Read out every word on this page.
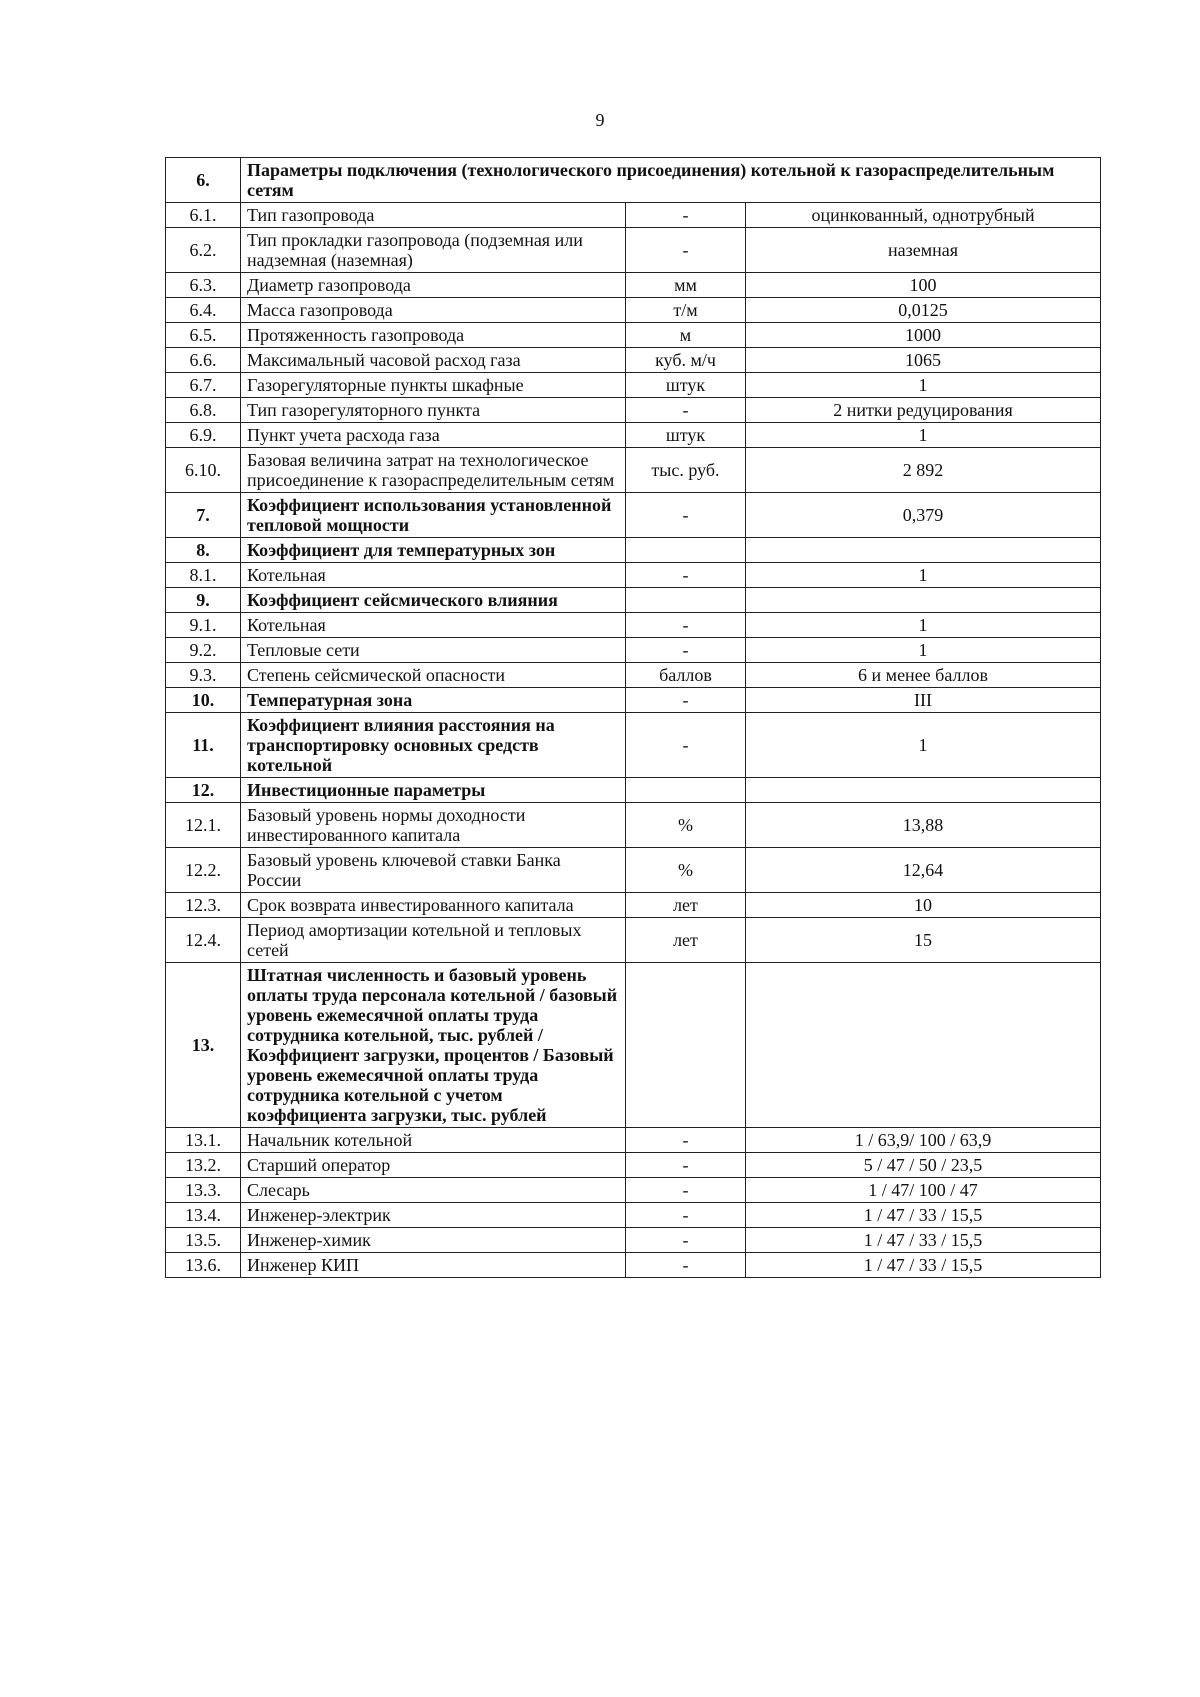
9
6.	Параметры подключения (технологического присоединения) котельной к газораспределительным сетям		
6.1.	Тип газопровода	-	оцинкованный, однотрубный
6.2.	Тип прокладки газопровода (подземная или надземная (наземная)	-	наземная
6.3.	Диаметр газопровода	мм	100
6.4.	Масса газопровода	т/м	0,0125
6.5.	Протяженность газопровода	м	1000
6.6.	Максимальный часовой расход газа	куб. м/ч	1065
6.7.	Газорегуляторные пункты шкафные	штук	1
6.8.	Тип газорегуляторного пункта	-	2 нитки редуцирования
6.9.	Пункт учета расхода газа	штук	1
6.10.	Базовая величина затрат на технологическое присоединение к газораспределительным сетям	тыс. руб.	2 892
7.	Коэффициент использования установленной тепловой мощности	-	0,379
8.	Коэффициент для температурных зон		
8.1.	Котельная	-	1
9.	Коэффициент сейсмического влияния		
9.1.	Котельная	-	1
9.2.	Тепловые сети	-	1
9.3.	Степень сейсмической опасности	баллов	6 и менее баллов
10.	Температурная зона	-	III
11.	Коэффициент влияния расстояния на транспортировку основных средств котельной	-	1
12.	Инвестиционные параметры		
12.1.	Базовый уровень нормы доходности инвестированного капитала	%	13,88
12.2.	Базовый уровень ключевой ставки Банка России	%	12,64
12.3.	Срок возврата инвестированного капитала	лет	10
12.4.	Период амортизации котельной и тепловых сетей	лет	15
13.	Штатная численность и базовый уровень оплаты труда персонала котельной / базовый уровень ежемесячной оплаты труда сотрудника котельной, тыс. рублей / Коэффициент загрузки, процентов / Базовый уровень ежемесячной оплаты труда сотрудника котельной с учетом коэффициента загрузки, тыс. рублей		
13.1.	Начальник котельной	-	1 / 63,9/ 100 / 63,9
13.2.	Старший оператор	-	5 / 47 / 50 / 23,5
13.3.	Слесарь	-	1 / 47/ 100 / 47
13.4.	Инженер-электрик	-	1 / 47 / 33 / 15,5
13.5.	Инженер-химик	-	1 / 47 / 33 / 15,5
13.6.	Инженер КИП	-	1 / 47 / 33 / 15,5
